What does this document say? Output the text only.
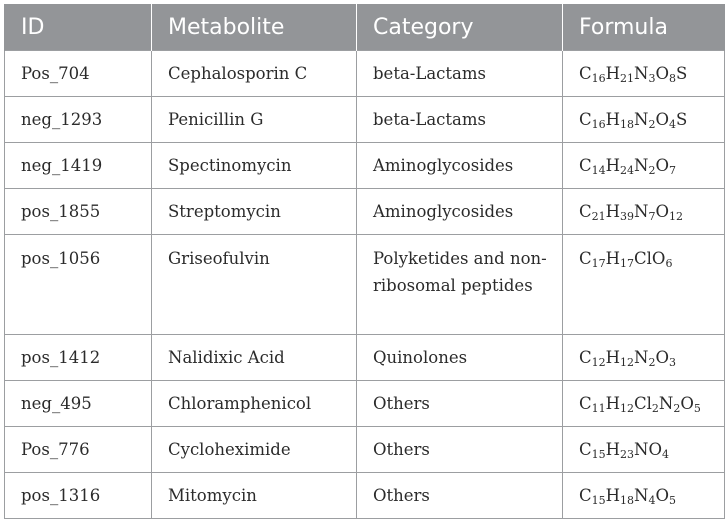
ID	Metabolite	Category	Formula
Pos_704	Cephalosporin C	beta-Lactams	$C_{16}H_{21}N_3O_8S$
neg_1293	Penicillin G	beta-Lactams	$C_{16}H_{18}N_2O_4S$
neg_1419	Spectinomycin	Aminoglycosides	$C_{14}H_{24}N_2O_7$
pos_1855	Streptomycin	Aminoglycosides	$C_{21}H_{39}N_7O_{12}$
pos_1056	Griseofulvin	Polyketides and non-ribosomal peptides	$C_{17}H_{17}ClO_6$
pos_1412	Nalidixic Acid	Quinolones	$C_{12}H_{12}N_2O_3$
neg_495	Chloramphenicol	Others	$C_{11}H_{12}Cl_2N_2O_5$
Pos_776	Cycloheximide	Others	$C_{15}H_{23}NO_4$
pos_1316	Mitomycin	Others	$C_{15}H_{18}N_4O_5$
